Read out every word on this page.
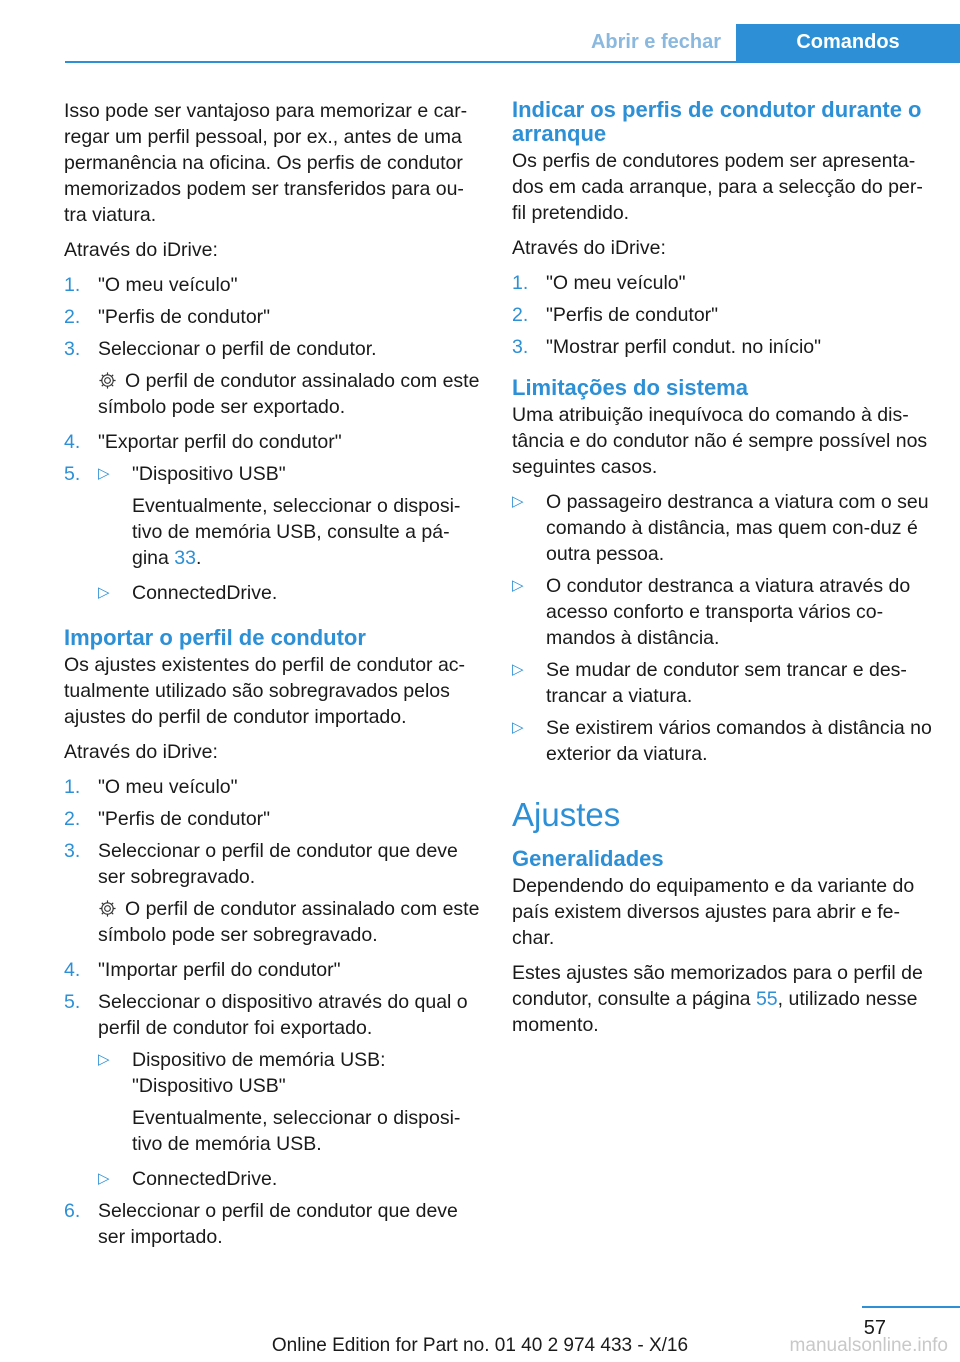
Abrir e fechar	Comandos

Isso pode ser vantajoso para memorizar e car-regar um perfil pessoal, por ex., antes de uma permanência na oficina. Os perfis de condutor memorizados podem ser transferidos para ou-tra viatura.

Através do iDrive:

1. "O meu veículo"
2. "Perfis de condutor"
3. Seleccionar o perfil de condutor.

O perfil de condutor assinalado com este símbolo pode ser exportado.

4. "Exportar perfil do condutor"
5.	▷	"Dispositivo USB"

Eventualmente, seleccionar o disposi-tivo de memória USB, consulte a pá-gina 33.

▷	ConnectedDrive.
Importar o perfil de condutor

Os ajustes existentes do perfil de condutor ac-tualmente utilizado são sobregravados pelos ajustes do perfil de condutor importado.

Através do iDrive:

1. "O meu veículo"
2. "Perfis de condutor"
3. Seleccionar o perfil de condutor que deve ser sobregravado.

O perfil de condutor assinalado com este símbolo pode ser sobregravado.

4. "Importar perfil do condutor"
5. Seleccionar o dispositivo através do qual o perfil de condutor foi exportado.
▷	Dispositivo de memória USB: "Dispositivo USB"

Eventualmente, seleccionar o disposi-tivo de memória USB.

▷	ConnectedDrive.
6. Seleccionar o perfil de condutor que deve ser importado.
Indicar os perfis de condutor durante o arranque

Os perfis de condutores podem ser apresenta-dos em cada arranque, para a selecção do per-fil pretendido.

Através do iDrive:

1. "O meu veículo"
2. "Perfis de condutor"
3. "Mostrar perfil condut. no início"
Limitações do sistema

Uma atribuição inequívoca do comando à dis-tância e do condutor não é sempre possível nos seguintes casos.

▷	O passageiro destranca a viatura com o seu comando à distância, mas quem con-duz é outra pessoa.
▷	O condutor destranca a viatura através do acesso conforto e transporta vários co-mandos à distância.
▷	Se mudar de condutor sem trancar e des-trancar a viatura.
▷	Se existirem vários comandos à distância no exterior da viatura.
Ajustes
Generalidades

Dependendo do equipamento e da variante do país existem diversos ajustes para abrir e fe-char.

Estes ajustes são memorizados para o perfil de condutor, consulte a página 55, utilizado nesse momento.

57
Online Edition for Part no. 01 40 2 974 433 - X/16	manualsonline.info
